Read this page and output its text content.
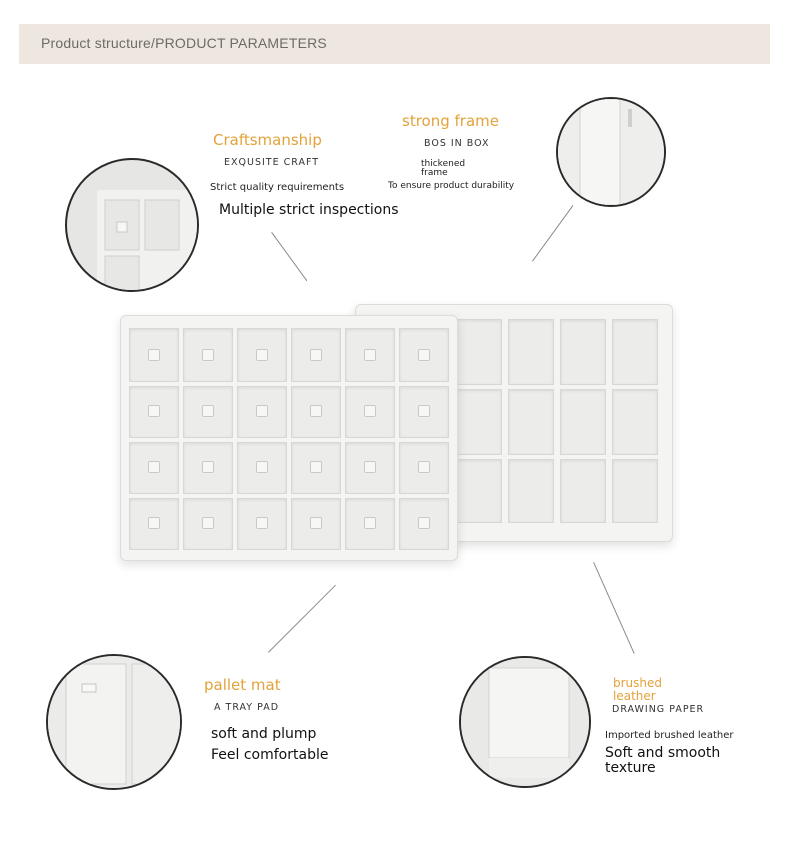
Product structure/PRODUCT PARAMETERS
Craftsmanship
EXQUSITE CRAFT
Strict quality requirements
Multiple strict inspections
strong frame
BOS IN BOX
thickened
frame
To ensure product durability
pallet mat
A TRAY PAD
soft and plump
Feel comfortable
brushed
leather
DRAWING PAPER
Imported brushed leather
Soft and smooth
texture
